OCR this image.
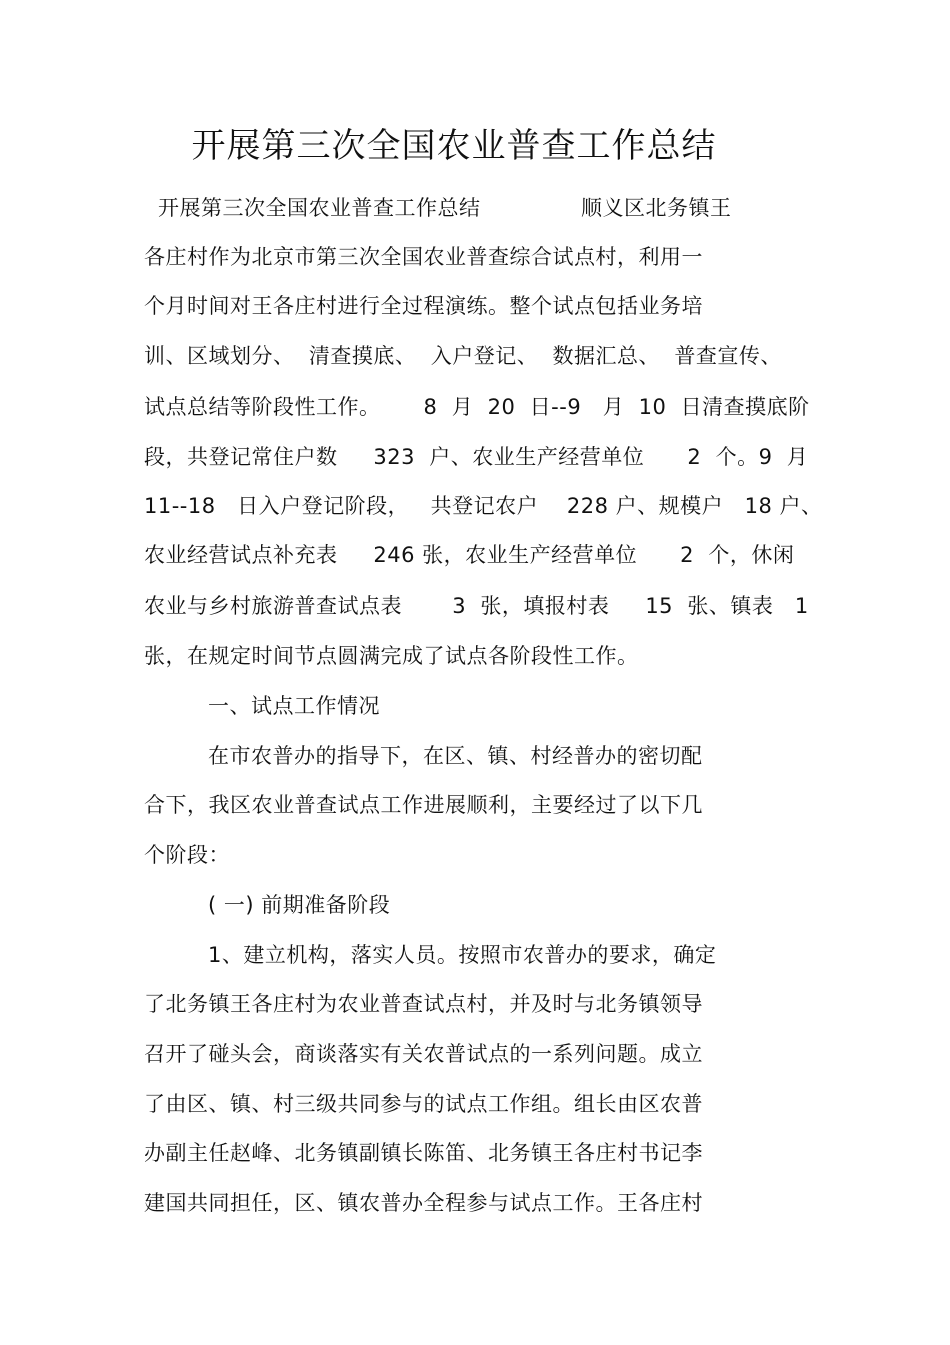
开展第三次全国农业普查工作总结
开展第三次全国农业普查工作总结              顺义区北务镇王
各庄村作为北京市第三次全国农业普查综合试点村，利用一
个月时间对王各庄村进行全过程演练。整个试点包括业务培
训、区域划分、  清查摸底、  入户登记、  数据汇总、  普查宣传、
试点总结等阶段性工作。      8  月  20  日--9   月  10  日清查摸底阶
段，共登记常住户数     323  户、农业生产经营单位      2  个。9  月
11--18   日入户登记阶段，   共登记农户    228 户、规模户   18 户、
农业经营试点补充表     246 张，农业生产经营单位      2  个，休闲
农业与乡村旅游普查试点表       3  张，填报村表     15  张、镇表   1
张，在规定时间节点圆满完成了试点各阶段性工作。
一、试点工作情况
在市农普办的指导下，在区、镇、村经普办的密切配
合下，我区农业普查试点工作进展顺利，主要经过了以下几
个阶段：
( 一) 前期准备阶段
1、建立机构，落实人员。按照市农普办的要求，确定
了北务镇王各庄村为农业普查试点村，并及时与北务镇领导
召开了碰头会，商谈落实有关农普试点的一系列问题。成立
了由区、镇、村三级共同参与的试点工作组。组长由区农普
办副主任赵峰、北务镇副镇长陈笛、北务镇王各庄村书记李
建国共同担任，区、镇农普办全程参与试点工作。王各庄村
